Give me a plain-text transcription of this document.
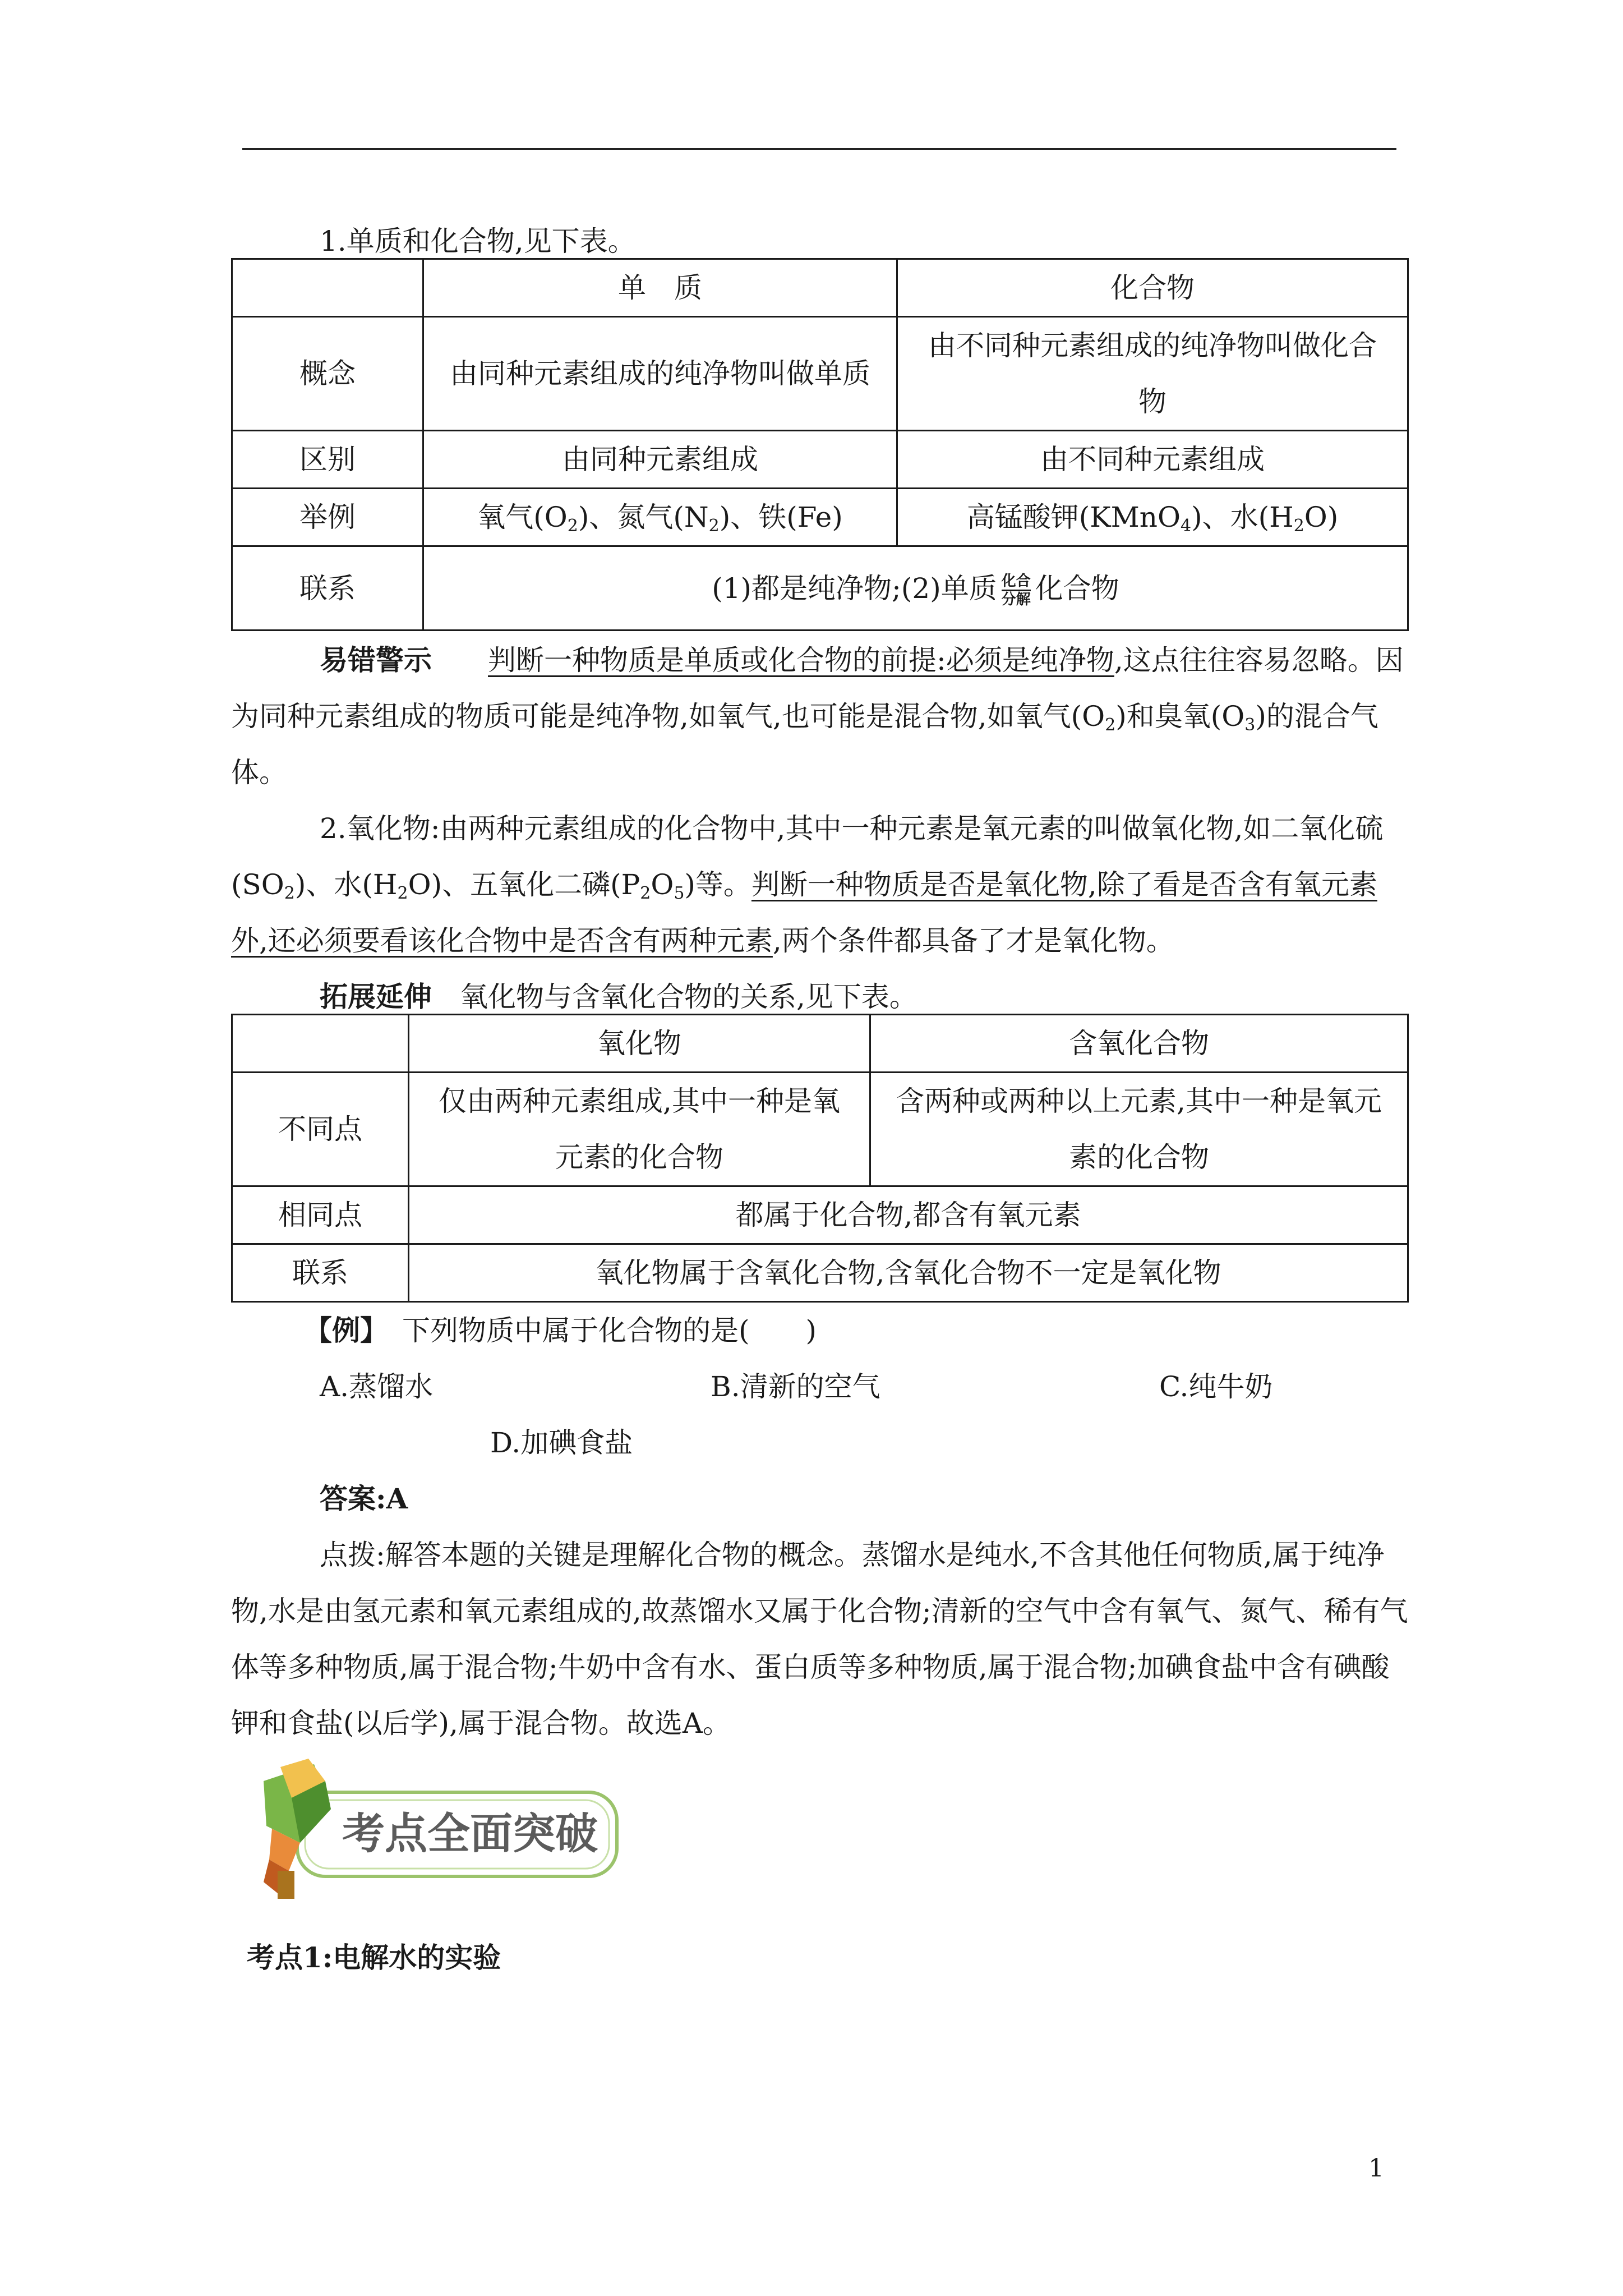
1.单质和化合物,见下表。

	单　质	化合物
概念	由同种元素组成的纯净物叫做单质	由不同种元素组成的纯净物叫做化合物
区别	由同种元素组成	由不同种元素组成
举例	氧气$(O_2)$、氮气$(N_2)$、铁(Fe)	高锰酸钾(KMnO$_4$)、水$(H_2O)$
联系	(1)都是纯净物;(2)单质 $\frac{\text{化合}}{\text{分解}}$ 化合物	

易错警示　　 判断一种物质是单质或化合物的前提:必须是纯净物,这点往往容易忽略。因为同种元素组成的物质可能是纯净物,如氧气,也可能是混合物,如氧气$(O_2)$和臭氧$(O_3)$的混合气体。

2.氧化物:由两种元素组成的化合物中,其中一种元素是氧元素的叫做氧化物,如二氧化硫$(SO_2)$、水$(H_2O)$、五氧化二磷$(P_2O_5)$等。判断一种物质是否是氧化物,除了看是否含有氧元素外,还必须要看该化合物中是否含有两种元素,两个条件都具备了才是氧化物。

拓展延伸　 氧化物与含氧化合物的关系,见下表。

	氧化物	含氧化合物
不同点	仅由两种元素组成,其中一种是氧元素的化合物	含两种或两种以上元素,其中一种是氧元素的化合物
相同点	都属于化合物,都含有氧元素	
联系	氧化物属于含氧化合物,含氧化合物不一定是氧化物	

【例】　 下列物质中属于化合物的是(　　)

A.蒸馏水	B.清新的空气	C.纯牛奶
D.加碘食盐

答案:A

点拨:解答本题的关键是理解化合物的概念。蒸馏水是纯水,不含其他任何物质,属于纯净物,水是由氢元素和氧元素组成的,故蒸馏水又属于化合物;清新的空气中含有氧气、氮气、稀有气体等多种物质,属于混合物;牛奶中含有水、蛋白质等多种物质,属于混合物;加碘食盐中含有碘酸钾和食盐(以后学),属于混合物。故选A。

考点全面突破

考点1:电解水的实验

1
